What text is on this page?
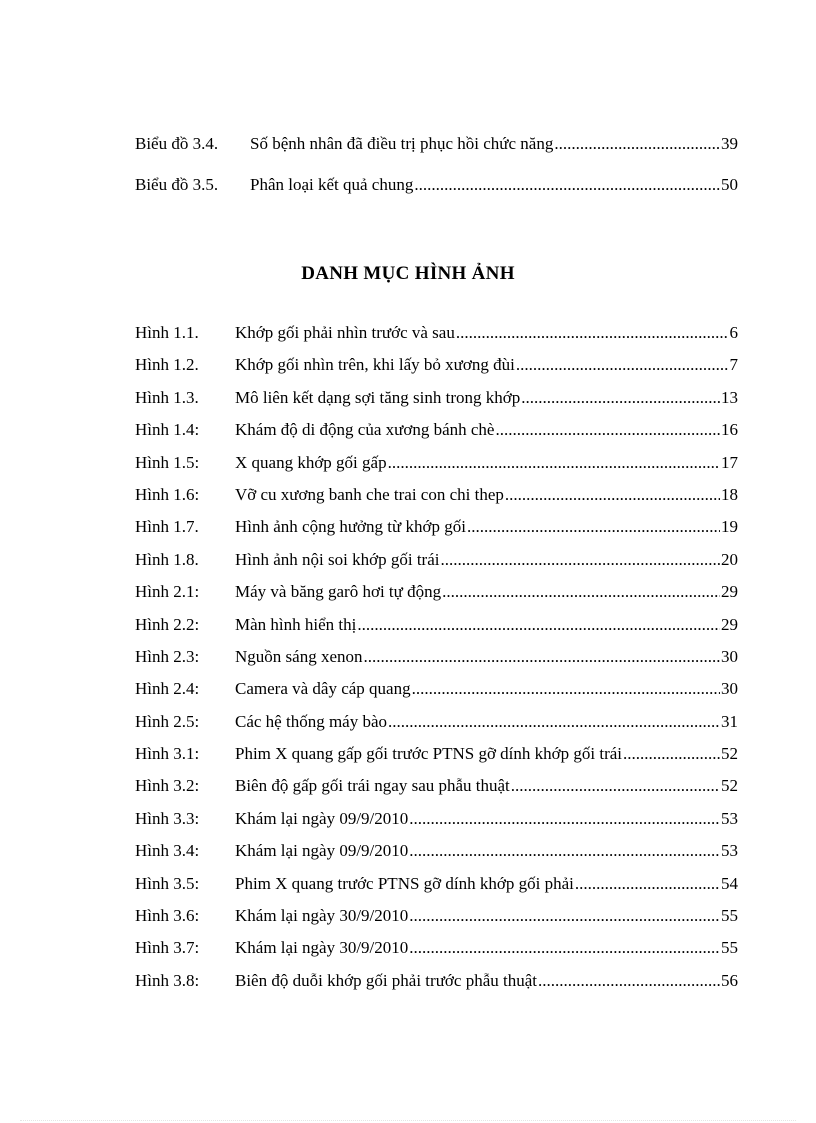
Biểu đồ 3.4.	Số bệnh nhân đã điều trị phục hồi chức năng .....	39
Biểu đồ 3.5.	Phân loại kết quả chung .....	50
DANH MỤC HÌNH ẢNH
Hình 1.1.	Khớp gối phải nhìn trước và sau .....	6
Hình 1.2.	Khớp gối nhìn trên, khi lấy bỏ xương đùi .....	7
Hình 1.3.	Mô liên kết dạng sợi tăng sinh trong khớp .....	13
Hình 1.4:	Khám độ di động của xương bánh chè .....	16
Hình 1.5:	X quang khớp gối gấp .....	17
Hình 1.6:	Vỡ cu xương banh che trai con chi thep .....	18
Hình 1.7.	Hình ảnh cộng hưởng từ khớp gối .....	19
Hình 1.8.	Hình ảnh nội soi khớp gối trái .....	20
Hình 2.1:	Máy và băng garô hơi tự động .....	29
Hình 2.2:	Màn hình hiển thị .....	29
Hình 2.3:	Nguồn sáng xenon .....	30
Hình 2.4:	Camera và dây cáp quang .....	30
Hình 2.5:	Các hệ thống máy bào .....	31
Hình 3.1:	Phim X quang gấp gối trước PTNS gỡ dính khớp gối trái .....	52
Hình 3.2:	Biên độ gấp gối trái ngay sau phẫu thuật .....	52
Hình 3.3:	Khám lại ngày 09/9/2010 .....	53
Hình 3.4:	Khám lại ngày 09/9/2010 .....	53
Hình 3.5:	Phim X quang trước PTNS gỡ dính khớp gối phải .....	54
Hình 3.6:	Khám lại ngày 30/9/2010 .....	55
Hình 3.7:	Khám lại ngày 30/9/2010 .....	55
Hình 3.8:	Biên độ duỗi khớp gối phải trước phẫu thuật .....	56
